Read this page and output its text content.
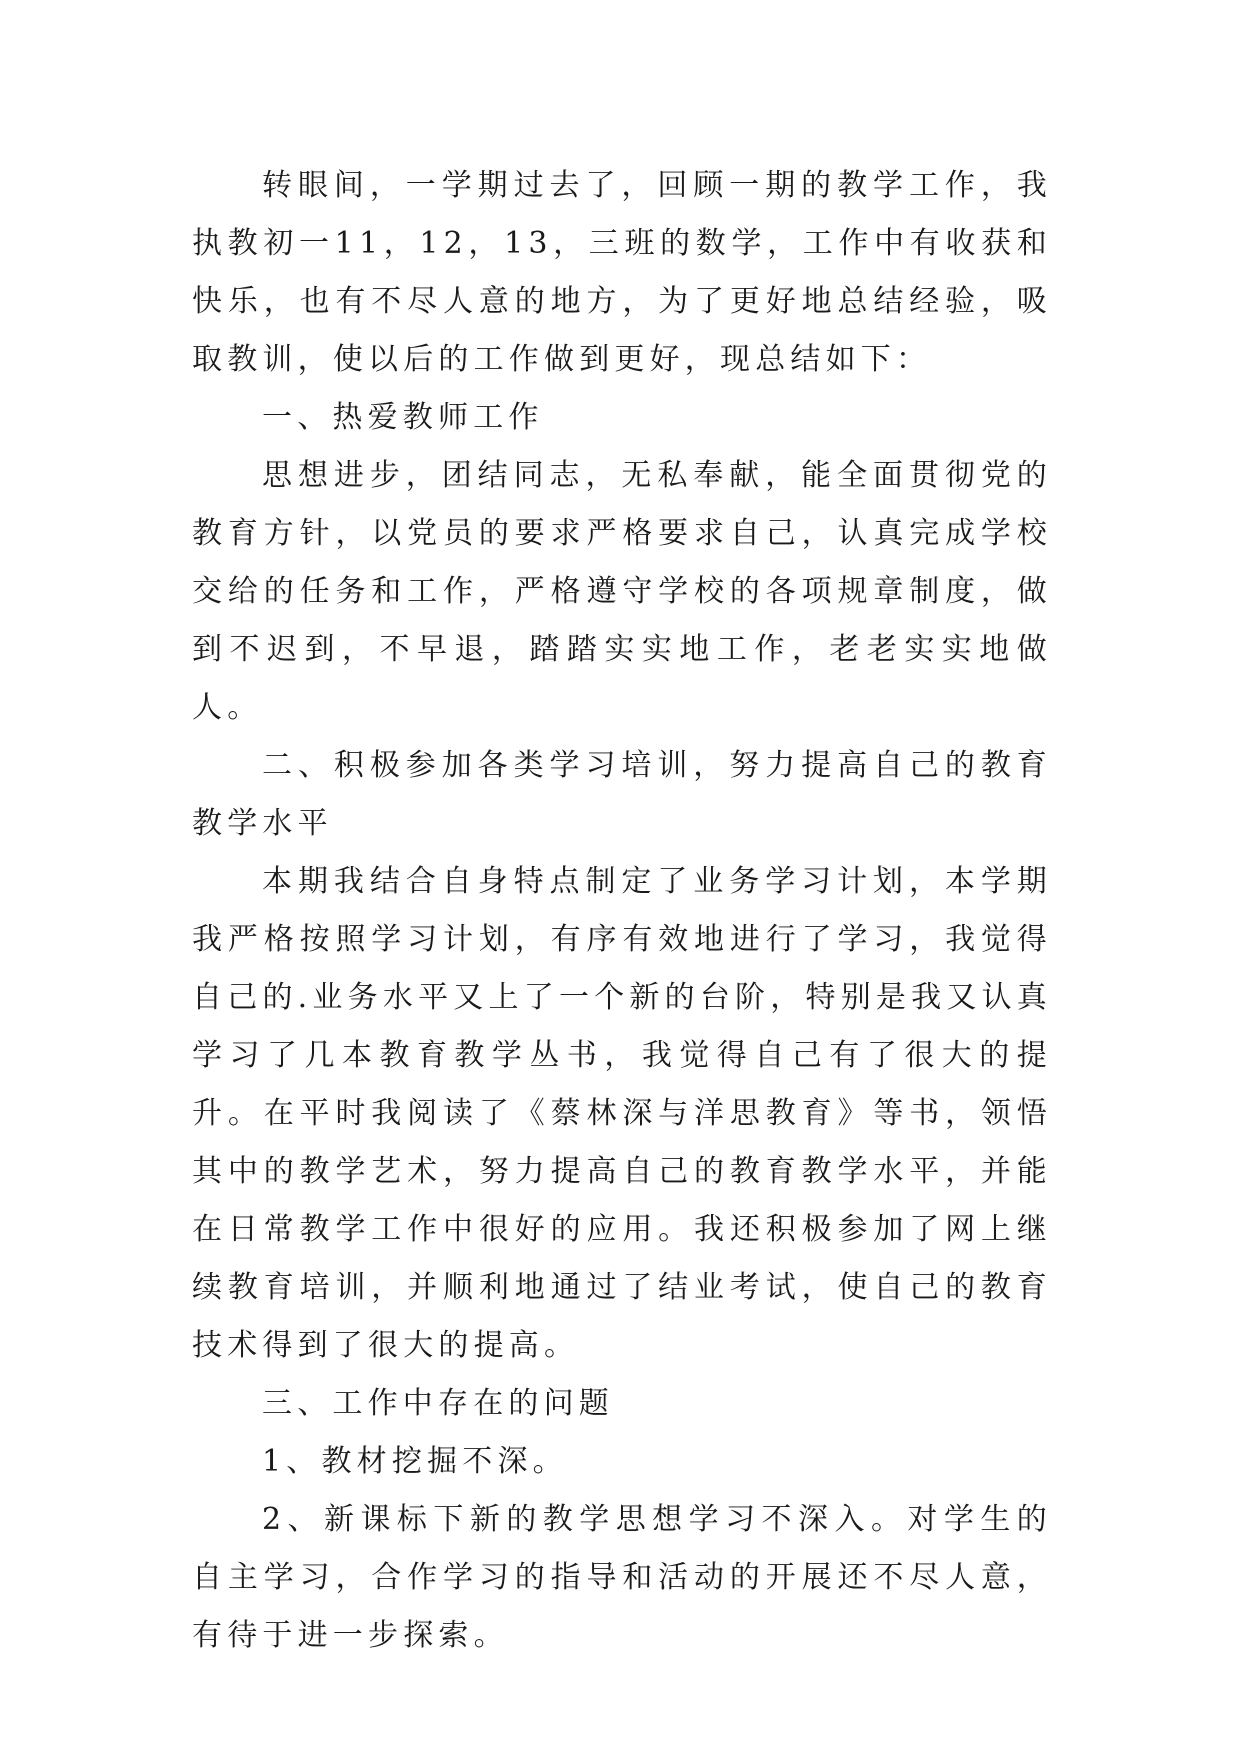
转眼间，一学期过去了，回顾一期的教学工作，我执教初一11，12，13，三班的数学，工作中有收获和快乐，也有不尽人意的地方，为了更好地总结经验，吸取教训，使以后的工作做到更好，现总结如下：

一、热爱教师工作

思想进步，团结同志，无私奉献，能全面贯彻党的教育方针，以党员的要求严格要求自己，认真完成学校交给的任务和工作，严格遵守学校的各项规章制度，做到不迟到，不早退，踏踏实实地工作，老老实实地做人。

二、积极参加各类学习培训，努力提高自己的教育教学水平

本期我结合自身特点制定了业务学习计划，本学期我严格按照学习计划，有序有效地进行了学习，我觉得自己的.业务水平又上了一个新的台阶，特别是我又认真学习了几本教育教学丛书，我觉得自己有了很大的提升。在平时我阅读了《蔡林深与洋思教育》等书，领悟其中的教学艺术，努力提高自己的教育教学水平，并能在日常教学工作中很好的应用。我还积极参加了网上继续教育培训，并顺利地通过了结业考试，使自己的教育技术得到了很大的提高。

三、工作中存在的问题

1、教材挖掘不深。

2、新课标下新的教学思想学习不深入。对学生的自主学习，合作学习的指导和活动的开展还不尽人意，有待于进一步探索。
